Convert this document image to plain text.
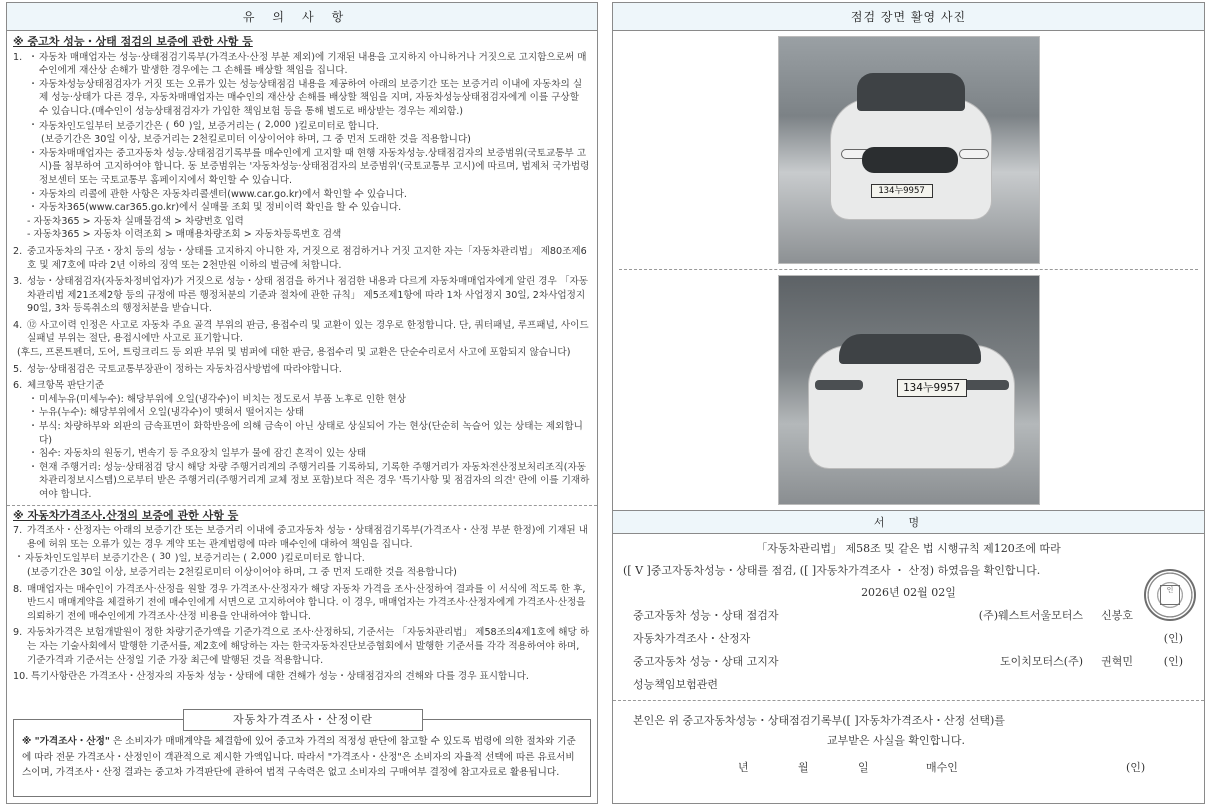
유의사항
※ 중고차 성능・상태 점검의 보증에 관한 사항 등
1. ・ 자동차 매매업자는 성능·상태점검기록부(가격조사·산정 부분 제외)에 기재된 내용을 고지하지 아니하거나 거짓으로 고지함으로써 매수인에게 재산상 손해가 발생한 경우에는 그 손해를 배상할 책임을 집니다.
・ 자동차성능상태점검자가 거짓 또는 오류가 있는 성능상태점검 내용을 제공하여 아래의 보증기간 또는 보증거리 이내에 자동차의 실제 성능·상태가 다른 경우, 자동차매매업자는 매수인의 재산상 손해를 배상할 책임을 지며, 자동차성능상태점검자에게 이를 구상할 수 있습니다.(매수인이 성능상태점검자가 가입한 책임보험 등을 통해 별도로 배상받는 경우는 제외함.)
・ 자동차인도일부터 보증기간은 ( 60 )일, 보증거리는 ( 2,000 )킬로미터로 합니다.
(보증기간은 30일 이상, 보증거리는 2천킬로미터 이상이어야 하며, 그 중 먼저 도래한 것을 적용합니다)
・ 자동차매매업자는 중고자동차 성능.상태점검기록부를 매수인에게 고지할 때 현행 자동차성능.상태점검자의 보증범위(국토교통부 고시)를 첨부하여 고지하여야 합니다. 동 보증범위는 '자동차성능·상태점검자의 보증범위'(국토교통부 고시)에 따르며, 법제처 국가법령정보센터 또는 국토교통부 홈페이지에서 확인할 수 있습니다.
・ 자동차의 리콜에 관한 사항은 자동차리콜센터(www.car.go.kr)에서 확인할 수 있습니다.
・ 자동차365(www.car365.go.kr)에서 실매물 조회 및 정비이력 확인을 할 수 있습니다.
- 자동차365 > 자동차 실매물검색 > 차량번호 입력
- 자동차365 > 자동차 이력조회 > 매매용차량조회 > 자동차등록번호 검색
2. 중고자동차의 구조・장치 등의 성능・상태를 고지하지 아니한 자, 거짓으로 점검하거나 거짓 고지한 자는「자동차관리법」 제80조제6호 및 제7호에 따라 2년 이하의 징역 또는 2천만원 이하의 벌금에 처합니다.
3. 성능・상태점검자(자동차정비업자)가 거짓으로 성능・상태 점검을 하거나 점검한 내용과 다르게 자동차매매업자에게 알린 경우 「자동차관리법 제21조제2항 등의 규정에 따른 행정처분의 기준과 절차에 관한 규칙」 제5조제1항에 따라 1차 사업정지 30일, 2차사업정지 90일, 3차 등록취소의 행정처분을 받습니다.
4. ⑫ 사고이력 인정은 사고로 자동차 주요 골격 부위의 판금, 용접수리 및 교환이 있는 경우로 한정합니다. 단, 쿼터패널, 루프패널, 사이드실패널 부위는 절단, 용접시에만 사고로 표기합니다.
(후드, 프론트펜더, 도어, 트렁크리드 등 외판 부위 및 범퍼에 대한 판금, 용접수리 및 교환은 단순수리로서 사고에 포함되지 않습니다)
5. 성능·상태점검은 국토교통부장관이 정하는 자동차검사방법에 따라야합니다.
6. 체크항목 판단기준
・ 미세누유(미세누수): 해당부위에 오일(냉각수)이 비치는 정도로서 부품 노후로 인한 현상
・ 누유(누수): 해당부위에서 오일(냉각수)이 맺혀서 떨어지는 상태
・ 부식: 차량하부와 외판의 금속표면이 화학반응에 의해 금속이 아닌 상태로 상실되어 가는 현상(단순히 녹슬어 있는 상태는 제외합니다)
・ 침수: 자동차의 원동기, 변속기 등 주요장치 일부가 물에 잠긴 흔적이 있는 상태
・ 현재 주행거리: 성능·상태점검 당시 해당 차량 주행거리계의 주행거리를 기록하되, 기록한 주행거리가 자동차전산정보처리조직(자동차관리정보시스템)으로부터 받은 주행거리(주행거리계 교체 정보 포함)보다 적은 경우 '특기사항 및 점검자의 의견' 란에 이를 기재하여야 합니다.
※ 자동차가격조사.산정의 보증에 관한 사항 등
7. 가격조사・산정자는 아래의 보증기간 또는 보증거리 이내에 중고자동차 성능・상태점검기록부(가격조사・산정 부분 한정)에 기재된 내용에 허위 또는 오류가 있는 경우 계약 또는 관계법령에 따라 매수인에 대하여 책임을 집니다.
・ 자동차인도일부터 보증기간은 ( 30 )일, 보증거리는 ( 2,000 )킬로미터로 합니다.
(보증기간은 30일 이상, 보증거리는 2천킬로미터 이상이어야 하며, 그 중 먼저 도래한 것을 적용합니다)
8. 매매업자는 매수인이 가격조사·산정을 원할 경우 가격조사·산정자가 해당 자동차 가격을 조사·산정하여 결과를 이 서식에 적도록 한 후, 반드시 매매계약을 체결하기 전에 매수인에게 서면으로 고지하여야 합니다. 이 경우, 매매업자는 가격조사·산정자에게 가격조사·산정을 의뢰하기 전에 매수인에게 가격조사·산정 비용을 안내하여야 합니다.
9. 자동차가격은 보험개발원이 정한 차량기준가액을 기준가격으로 조사·산정하되, 기준서는 「자동차관리법」 제58조의4제1호에 해당 하는 자는 기술사회에서 발행한 기준서를, 제2호에 해당하는 자는 한국자동차진단보증협회에서 발행한 기준서를 각각 적용하여야 하며, 기준가격과 기준서는 산정일 기준 가장 최근에 발행된 것을 적용합니다.
10. 특기사항란은 가격조사・산정자의 자동차 성능・상태에 대한 견해가 성능・상태점검자의 견해와 다를 경우 표시합니다.
자동차가격조사・산정이란
※ "가격조사・산정" 은 소비자가 매매계약을 체결함에 있어 중고차 가격의 적정성 판단에 참고할 수 있도록 법령에 의한 절차와 기준에 따라 전문 가격조사・산정인이 객관적으로 제시한 가액입니다. 따라서 "가격조사・산정"은 소비자의 자율적 선택에 따른 유료서비스이며, 가격조사・산정 결과는 중고차 가격판단에 관하여 법적 구속력은 없고 소비자의 구매여부 결정에 참고자료로 활용됩니다.
점검 장면 활영 사진
134누9957
134누9957
서명
「자동차관리법」 제58조 및 같은 법 시행규칙 제120조에 따라
([ V ]중고자동차성능・상태를 점검, ([ ]자동차가격조사 ・ 산정) 하였음을 확인합니다.
2026년 02월 02일
중고자동차 성능・상태 점검자	(주)웨스트서울모터스	신봉호
자동차가격조사・산정자	(인)
중고자동차 성능・상태 고지자	도이치모터스(주)	권혁민	(인)
성능책임보험관련
인
본인은 위 중고자동차성능・상태점검기록부([ ]자동차가격조사・산정 선택)를
교부받은 사실을 확인합니다.
년	월	일	매수인	(인)
